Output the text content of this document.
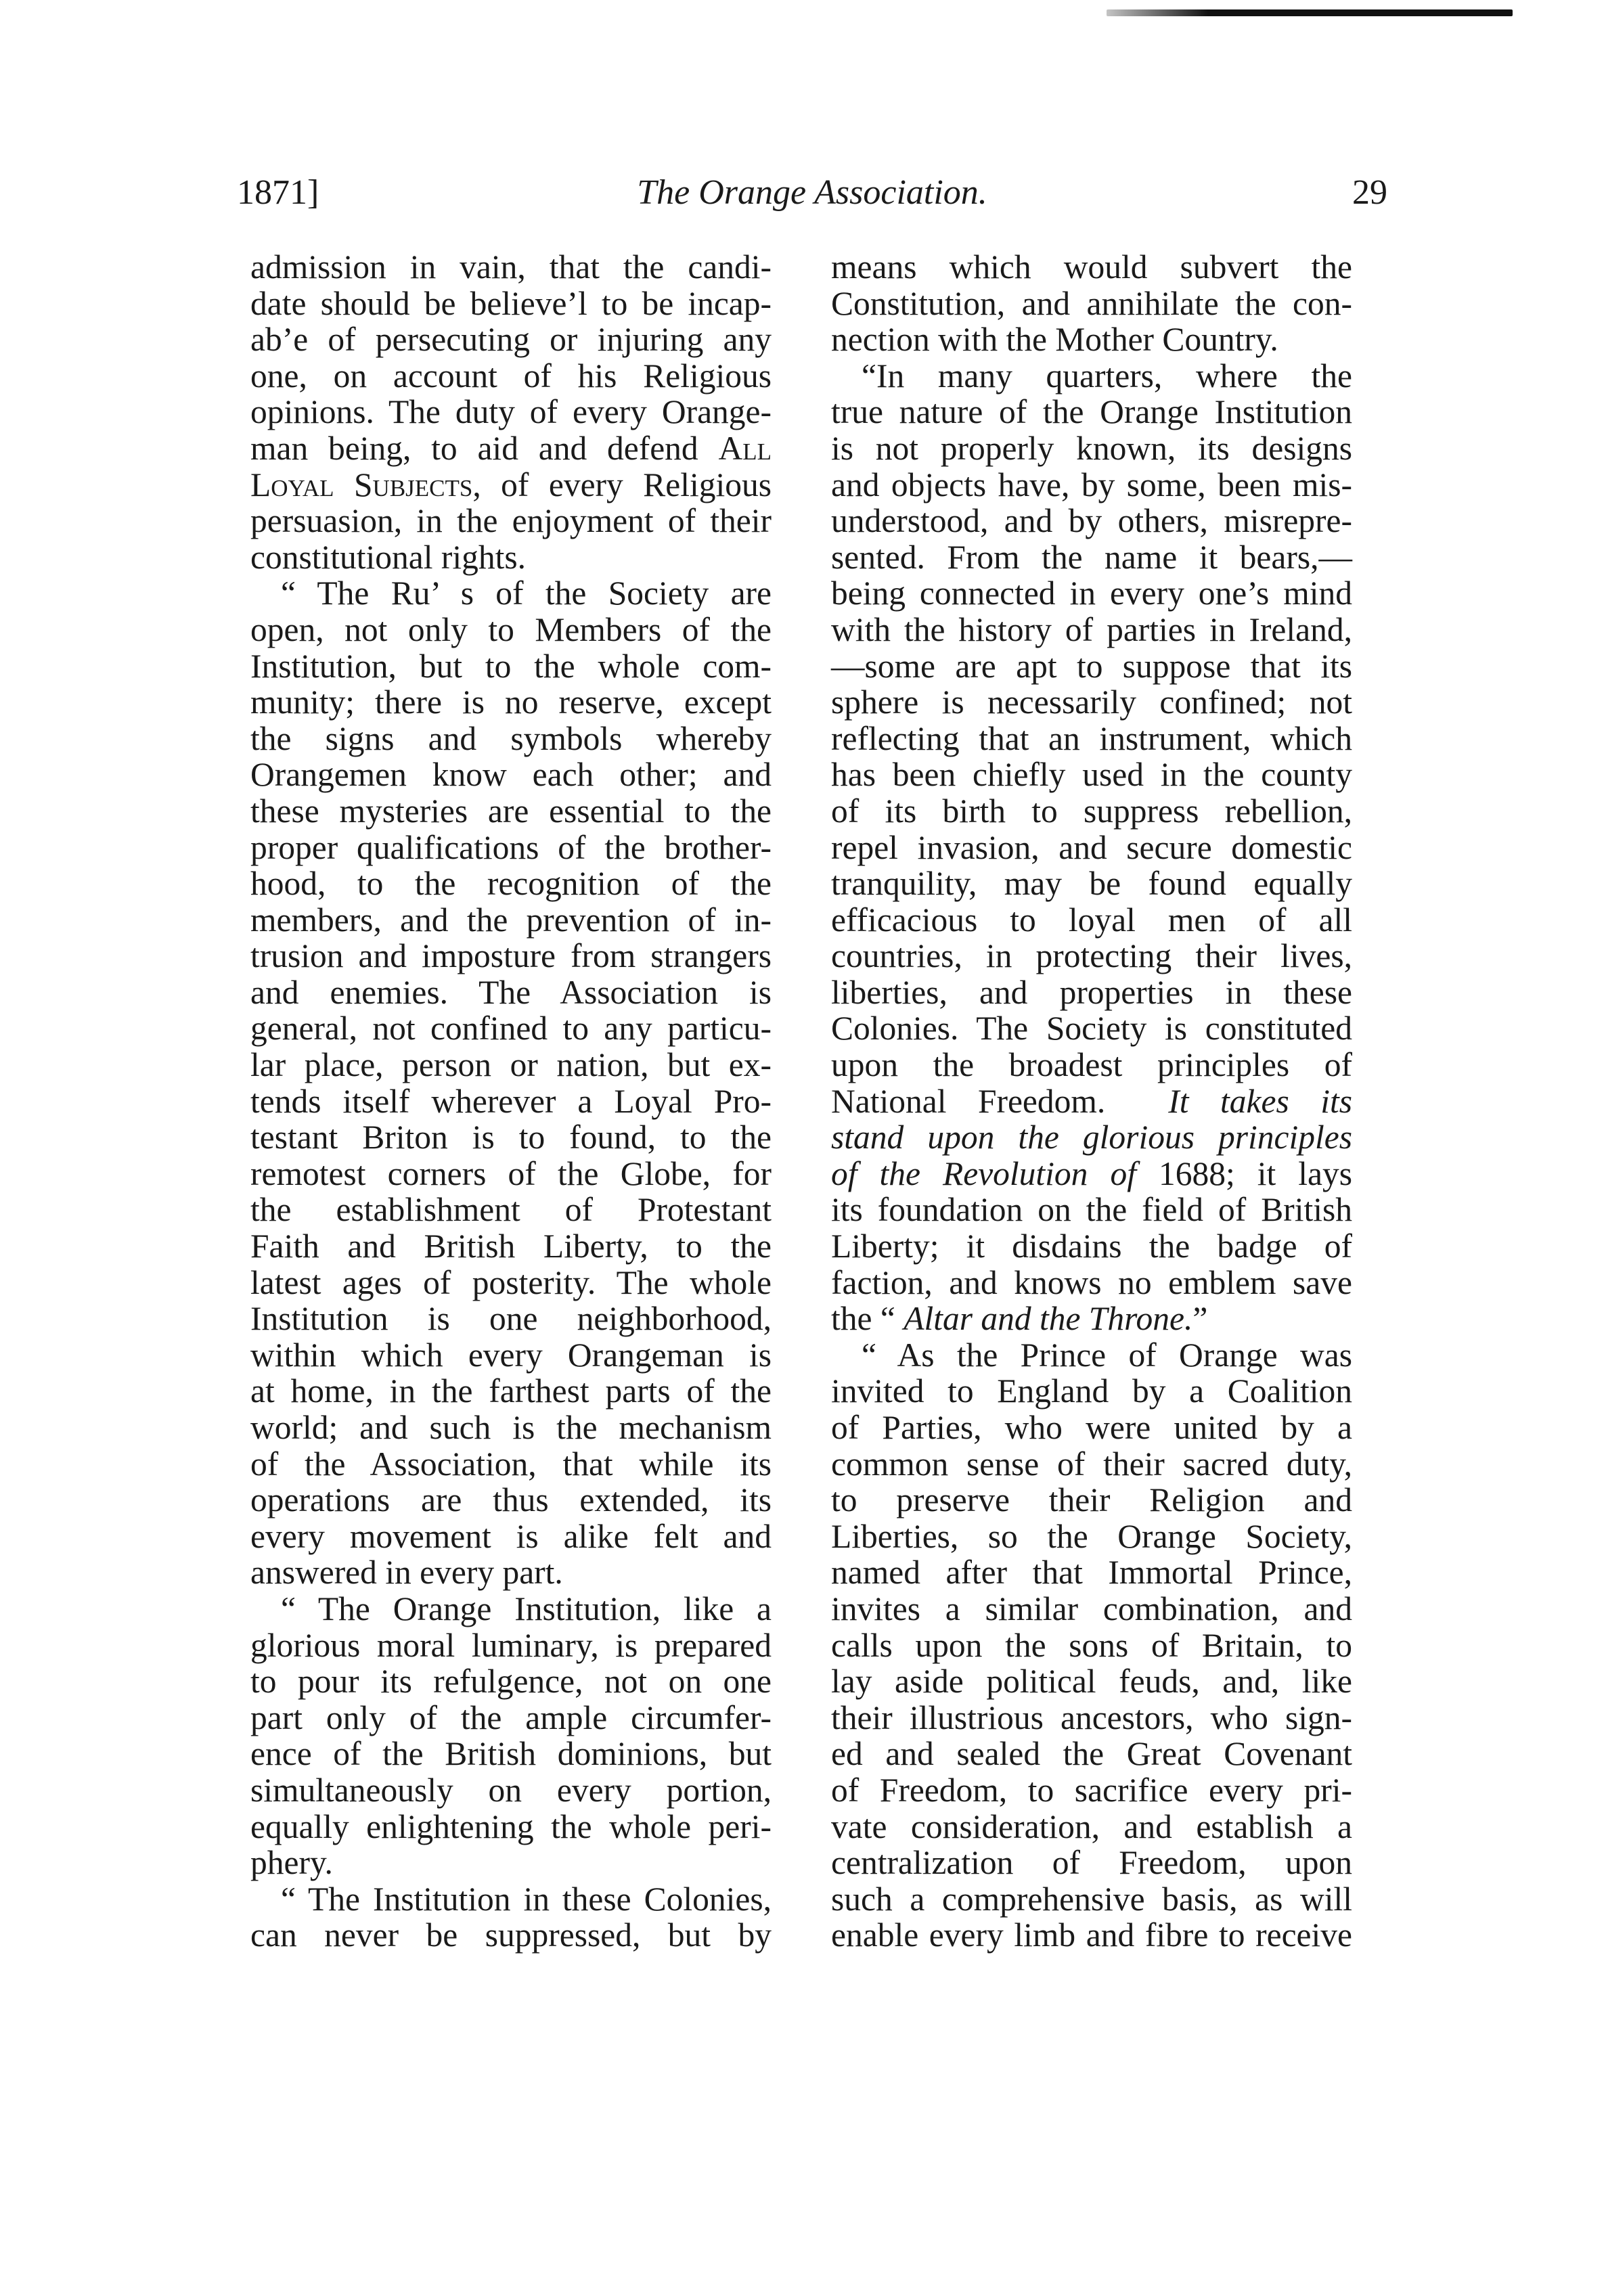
1871]	The Orange Association.	29
admission in vain, that the candi-
date should be believe’l to be incap-
ab’e of persecuting or injuring any
one, on account of his Religious
opinions. The duty of every Orange-
man being, to aid and defend All
Loyal Subjects, of every Religious
persuasion, in the enjoyment of their
constitutional rights.
“ The Ru’ s of the Society are
open, not only to Members of the
Institution, but to the whole com-
munity; there is no reserve, except
the signs and symbols whereby
Orangemen know each other; and
these mysteries are essential to the
proper qualifications of the brother-
hood, to the recognition of the
members, and the prevention of in-
trusion and imposture from strangers
and enemies. The Association is
general, not confined to any particu-
lar place, person or nation, but ex-
tends itself wherever a Loyal Pro-
testant Briton is to found, to the
remotest corners of the Globe, for
the establishment of Protestant
Faith and British Liberty, to the
latest ages of posterity. The whole
Institution is one neighborhood,
within which every Orangeman is
at home, in the farthest parts of the
world; and such is the mechanism
of the Association, that while its
operations are thus extended, its
every movement is alike felt and
answered in every part.
“ The Orange Institution, like a
glorious moral luminary, is prepared
to pour its refulgence, not on one
part only of the ample circumfer-
ence of the British dominions, but
simultaneously on every portion,
equally enlightening the whole peri-
phery.
“ The Institution in these Colonies,
can never be suppressed, but by
means which would subvert the
Constitution, and annihilate the con-
nection with the Mother Country.
“In many quarters, where the
true nature of the Orange Institution
is not properly known, its designs
and objects have, by some, been mis-
understood, and by others, misrepre-
sented. From the name it bears,—
being connected in every one’s mind
with the history of parties in Ireland,
—some are apt to suppose that its
sphere is necessarily confined; not
reflecting that an instrument, which
has been chiefly used in the county
of its birth to suppress rebellion,
repel invasion, and secure domestic
tranquility, may be found equally
efficacious to loyal men of all
countries, in protecting their lives,
liberties, and properties in these
Colonies. The Society is constituted
upon the broadest principles of
National Freedom. It takes its
stand upon the glorious principles
of the Revolution of 1688; it lays
its foundation on the field of British
Liberty; it disdains the badge of
faction, and knows no emblem save
the “ Altar and the Throne.”
“ As the Prince of Orange was
invited to England by a Coalition
of Parties, who were united by a
common sense of their sacred duty,
to preserve their Religion and
Liberties, so the Orange Society,
named after that Immortal Prince,
invites a similar combination, and
calls upon the sons of Britain, to
lay aside political feuds, and, like
their illustrious ancestors, who sign-
ed and sealed the Great Covenant
of Freedom, to sacrifice every pri-
vate consideration, and establish a
centralization of Freedom, upon
such a comprehensive basis, as will
enable every limb and fibre to receive
